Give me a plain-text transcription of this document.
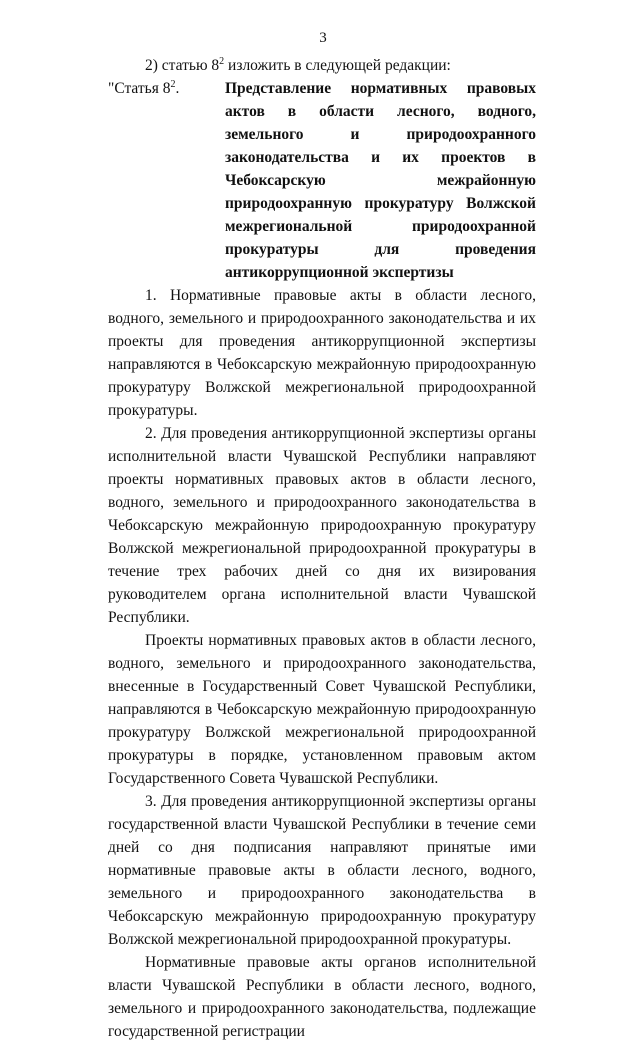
3

2) статью $8^2$ изложить в следующей редакции:

"Статья $8^2$.	Представление нормативных правовых актов в области лесного, водного, земельного и природоохранного законодательства и их проектов в Чебоксарскую межрайонную природоохранную прокуратуру Волжской межрегиональной природоохранной прокуратуры для проведения антикоррупционной экспертизы

1. Нормативные правовые акты в области лесного, водного, земельного и природоохранного законодательства и их проекты для проведения антикоррупционной экспертизы направляются в Чебоксарскую межрайонную природоохранную прокуратуру Волжской межрегиональной природоохранной прокуратуры.

2. Для проведения антикоррупционной экспертизы органы исполнительной власти Чувашской Республики направляют проекты нормативных правовых актов в области лесного, водного, земельного и природоохранного законодательства в Чебоксарскую межрайонную природоохранную прокуратуру Волжской межрегиональной природоохранной прокуратуры в течение трех рабочих дней со дня их визирования руководителем органа исполнительной власти Чувашской Республики.

Проекты нормативных правовых актов в области лесного, водного, земельного и природоохранного законодательства, внесенные в Государственный Совет Чувашской Республики, направляются в Чебоксарскую межрайонную природоохранную прокуратуру Волжской межрегиональной природоохранной прокуратуры в порядке, установленном правовым актом Государственного Совета Чувашской Республики.

3. Для проведения антикоррупционной экспертизы органы государственной власти Чувашской Республики в течение семи дней со дня подписания направляют принятые ими нормативные правовые акты в области лесного, водного, земельного и природоохранного законодательства в Чебоксарскую межрайонную природоохранную прокуратуру Волжской межрегиональной природоохранной прокуратуры.

Нормативные правовые акты органов исполнительной власти Чувашской Республики в области лесного, водного, земельного и природоохранного законодательства, подлежащие государственной регистрации
